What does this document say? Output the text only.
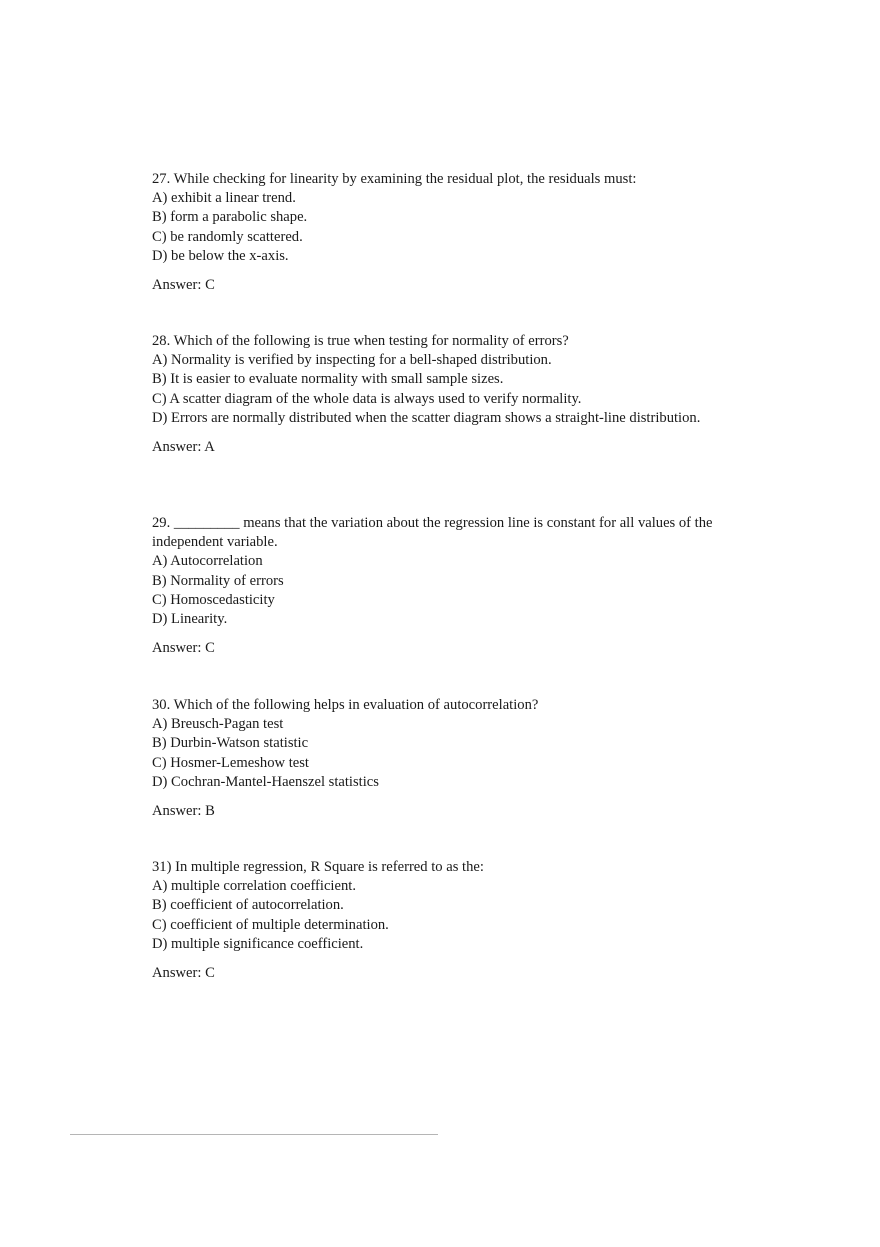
27. While checking for linearity by examining the residual plot, the residuals must:
A) exhibit a linear trend.
B) form a parabolic shape.
C) be randomly scattered.
D) be below the x-axis.
Answer: C
28. Which of the following is true when testing for normality of errors?
A) Normality is verified by inspecting for a bell-shaped distribution.
B) It is easier to evaluate normality with small sample sizes.
C) A scatter diagram of the whole data is always used to verify normality.
D) Errors are normally distributed when the scatter diagram shows a straight-line distribution.
Answer: A
29. _________ means that the variation about the regression line is constant for all values of the independent variable.
A) Autocorrelation
B) Normality of errors
C) Homoscedasticity
D) Linearity.
Answer: C
30. Which of the following helps in evaluation of autocorrelation?
A) Breusch-Pagan test
B) Durbin-Watson statistic
C) Hosmer-Lemeshow test
D) Cochran-Mantel-Haenszel statistics
Answer: B
31) In multiple regression, R Square is referred to as the:
A) multiple correlation coefficient.
B) coefficient of autocorrelation.
C) coefficient of multiple determination.
D) multiple significance coefficient.
Answer: C
